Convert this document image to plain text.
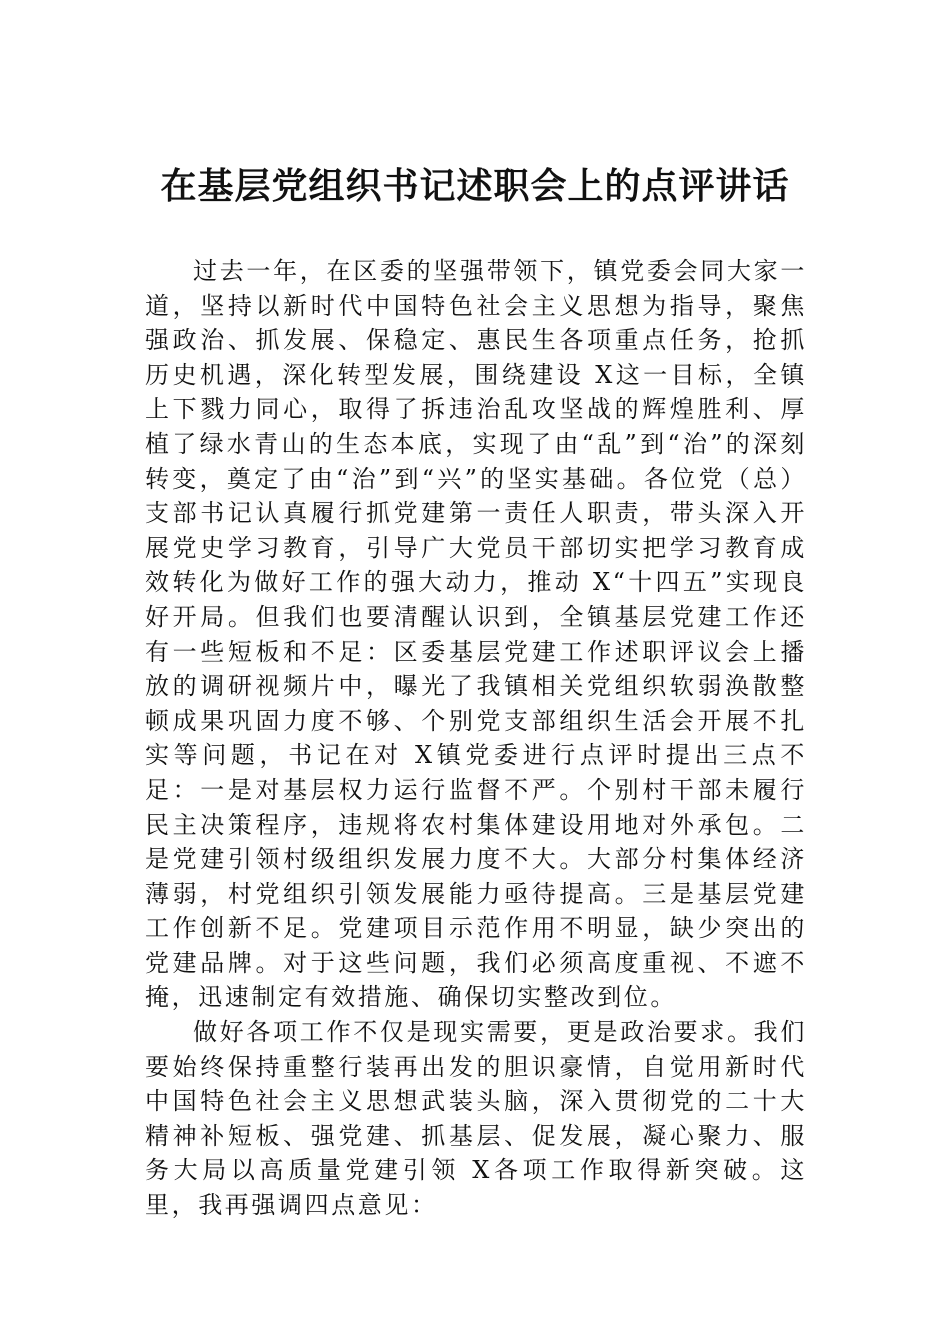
在基层党组织书记述职会上的点评讲话

过去一年，在区委的坚强带领下，镇党委会同大家一道，坚持以新时代中国特色社会主义思想为指导，聚焦强政治、抓发展、保稳定、惠民生各项重点任务，抢抓历史机遇，深化转型发展，围绕建设 X这一目标，全镇上下戮力同心，取得了拆违治乱攻坚战的辉煌胜利、厚植了绿水青山的生态本底，实现了由“乱”到“治”的深刻转变，奠定了由“治”到“兴”的坚实基础。各位党（总）支部书记认真履行抓党建第一责任人职责，带头深入开展党史学习教育，引导广大党员干部切实把学习教育成效转化为做好工作的强大动力，推动 X“十四五”实现良好开局。但我们也要清醒认识到，全镇基层党建工作还有一些短板和不足：区委基层党建工作述职评议会上播放的调研视频片中，曝光了我镇相关党组织软弱涣散整顿成果巩固力度不够、个别党支部组织生活会开展不扎实等问题，书记在对 X镇党委进行点评时提出三点不足：一是对基层权力运行监督不严。个别村干部未履行民主决策程序，违规将农村集体建设用地对外承包。二是党建引领村级组织发展力度不大。大部分村集体经济薄弱，村党组织引领发展能力亟待提高。三是基层党建工作创新不足。党建项目示范作用不明显，缺少突出的党建品牌。对于这些问题，我们必须高度重视、不遮不掩，迅速制定有效措施、确保切实整改到位。

做好各项工作不仅是现实需要，更是政治要求。我们要始终保持重整行装再出发的胆识豪情，自觉用新时代中国特色社会主义思想武装头脑，深入贯彻党的二十大精神补短板、强党建、抓基层、促发展，凝心聚力、服务大局以高质量党建引领 X各项工作取得新突破。这里，我再强调四点意见：
